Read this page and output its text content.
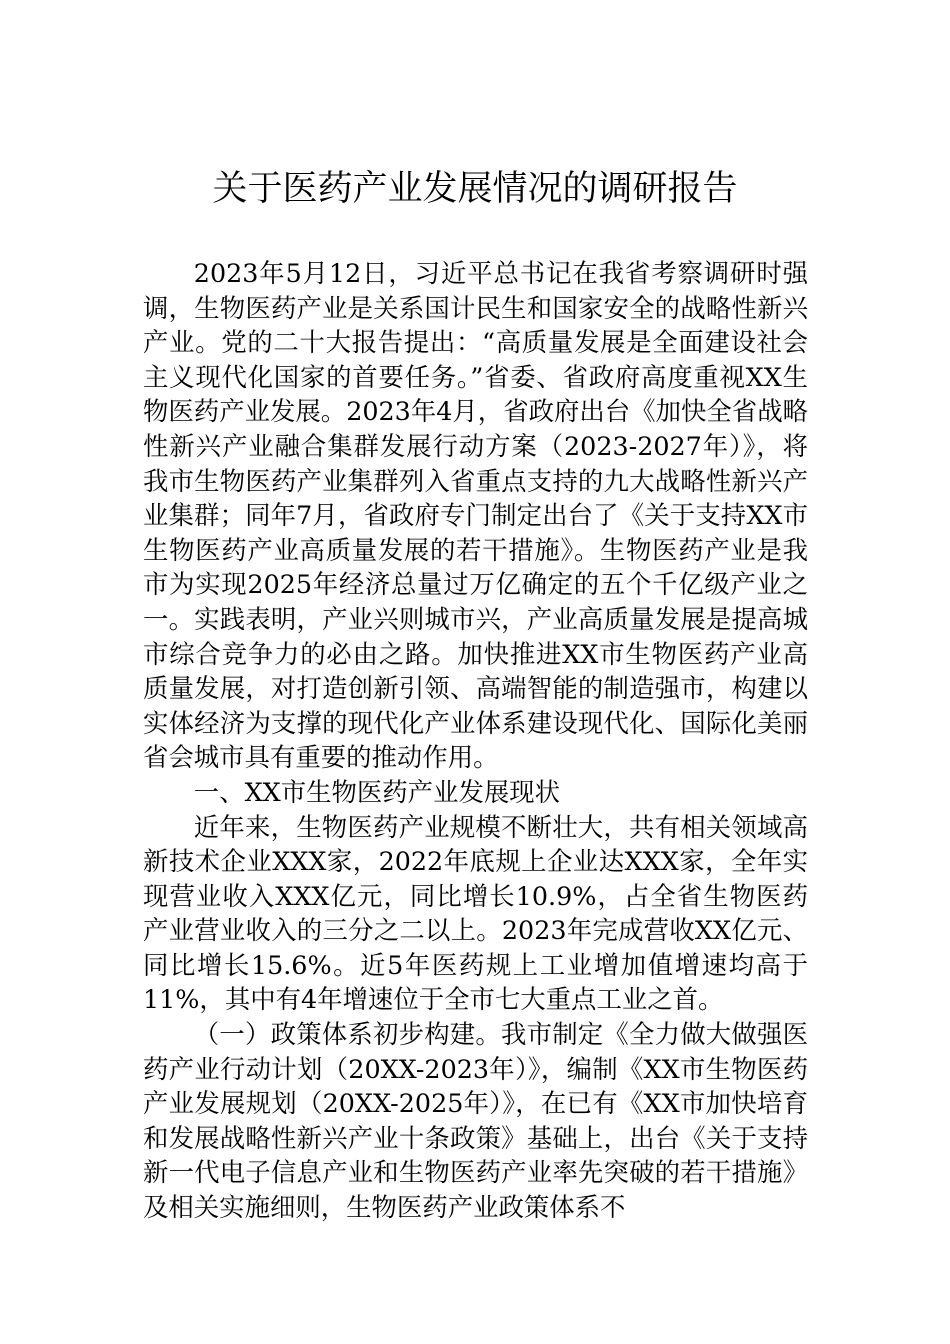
关于医药产业发展情况的调研报告

2023年5月12日，习近平总书记在我省考察调研时强调，生物医药产业是关系国计民生和国家安全的战略性新兴产业。党的二十大报告提出：“高质量发展是全面建设社会主义现代化国家的首要任务。”省委、省政府高度重视XX生物医药产业发展。2023年4月，省政府出台《加快全省战略性新兴产业融合集群发展行动方案（2023-2027年）》，将我市生物医药产业集群列入省重点支持的九大战略性新兴产业集群；同年7月，省政府专门制定出台了《关于支持XX市生物医药产业高质量发展的若干措施》。生物医药产业是我市为实现2025年经济总量过万亿确定的五个千亿级产业之一。实践表明，产业兴则城市兴，产业高质量发展是提高城市综合竞争力的必由之路。加快推进XX市生物医药产业高质量发展，对打造创新引领、高端智能的制造强市，构建以实体经济为支撑的现代化产业体系建设现代化、国际化美丽省会城市具有重要的推动作用。

一、XX市生物医药产业发展现状

近年来，生物医药产业规模不断壮大，共有相关领域高新技术企业XXX家，2022年底规上企业达XXX家，全年实现营业收入XXX亿元，同比增长10.9%，占全省生物医药产业营业收入的三分之二以上。2023年完成营收XX亿元、同比增长15.6%。近5年医药规上工业增加值增速均高于11%，其中有4年增速位于全市七大重点工业之首。

（一）政策体系初步构建。我市制定《全力做大做强医药产业行动计划（20XX-2023年）》，编制《XX市生物医药产业发展规划（20XX-2025年）》，在已有《XX市加快培育和发展战略性新兴产业十条政策》基础上，出台《关于支持新一代电子信息产业和生物医药产业率先突破的若干措施》及相关实施细则，生物医药产业政策体系不
